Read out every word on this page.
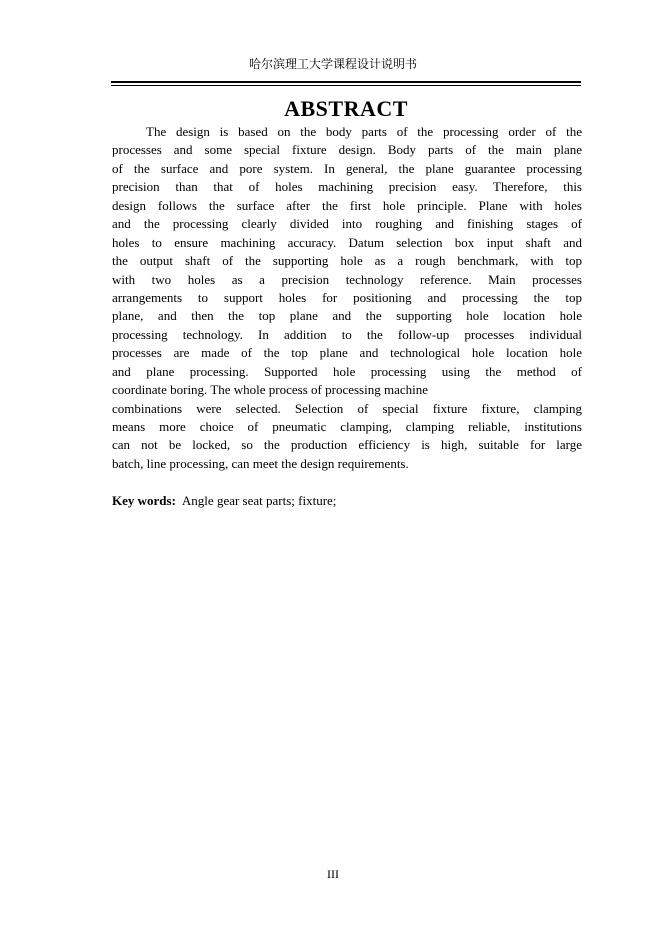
哈尔滨理工大学课程设计说明书
ABSTRACT
The design is based on the body parts of the processing order of the
processes and some special fixture design. Body parts of the main plane
of the surface and pore system. In general, the plane guarantee processing
precision than that of holes machining precision easy. Therefore, this
design follows the surface after the first hole principle. Plane with holes
and the processing clearly divided into roughing and finishing stages of
holes to ensure machining accuracy. Datum selection box input shaft and
the output shaft of the supporting hole as a rough benchmark, with top
with two holes as a precision technology reference. Main processes
arrangements to support holes for positioning and processing the top
plane, and then the top plane and the supporting hole location hole
processing technology. In addition to the follow-up processes individual
processes are made of the top plane and technological hole location hole
and plane processing. Supported hole processing using the method of
coordinate boring. The whole process of processing machine
combinations were selected. Selection of special fixture fixture, clamping
means more choice of pneumatic clamping, clamping reliable, institutions
can not be locked, so the production efficiency is high, suitable for large
batch, line processing, can meet the design requirements.
Key words: Angle gear seat parts; fixture;
III
